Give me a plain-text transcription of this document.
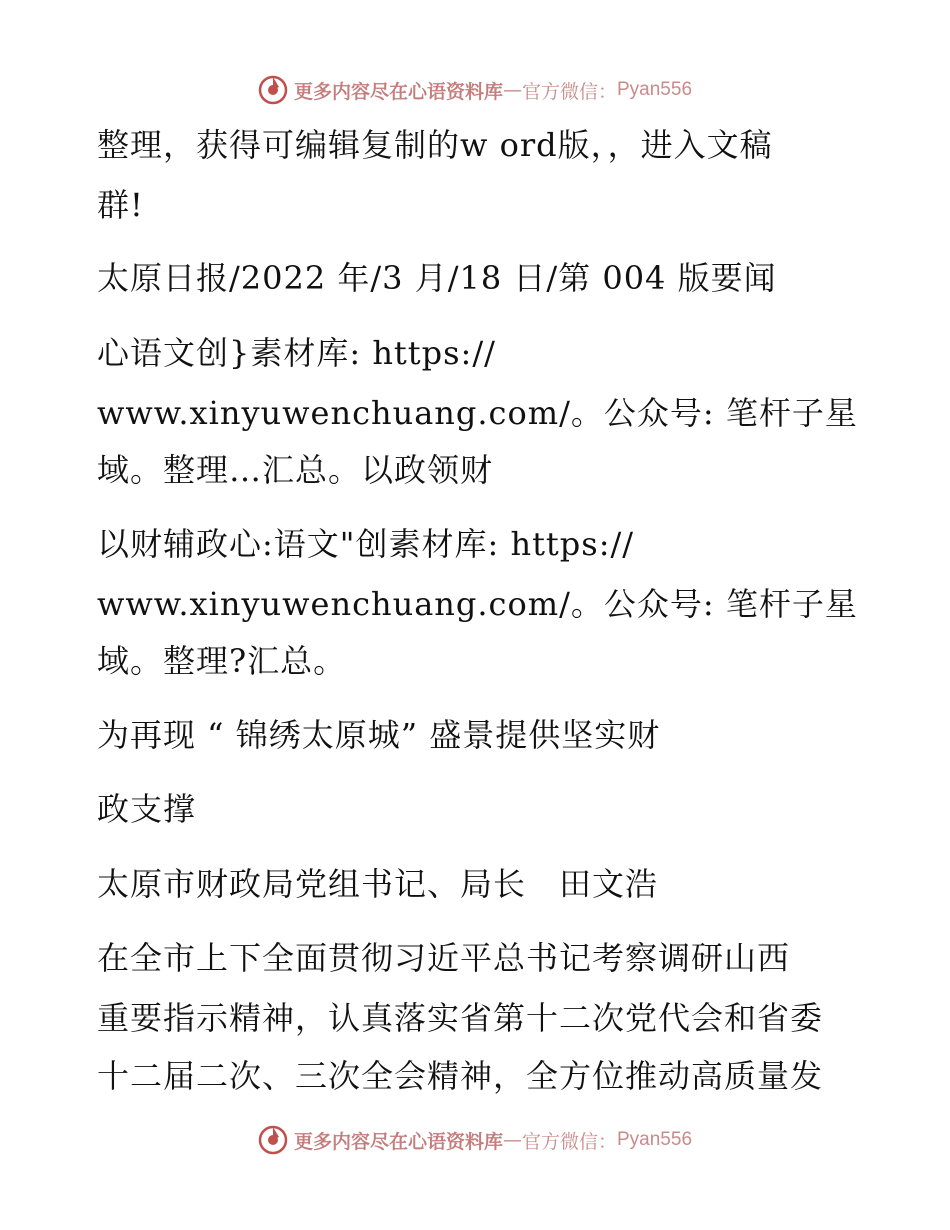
更多内容尽在心语资料库 — 官方微信： Pyan556
整理，获得可编辑复制的w ord版，，进入文稿
群!
太原日报/2022 年/3 月/18 日/第 004 版要闻
心语文创}素材库: https://
www.xinyuwenchuang.com/。公众号: 笔杆子星
域。整理…汇总。以政领财
以财辅政心:语文"创素材库: https://
www.xinyuwenchuang.com/。公众号: 笔杆子星
域。整理?汇总。
为再现 “ 锦绣太原城” 盛景提供坚实财
政支撑
太原市财政局党组书记、局长　田文浩
在全市上下全面贯彻习近平总书记考察调研山西
重要指示精神，认真落实省第十二次党代会和省委
十二届二次、三次全会精神，全方位推动高质量发
更多内容尽在心语资料库 — 官方微信： Pyan556
